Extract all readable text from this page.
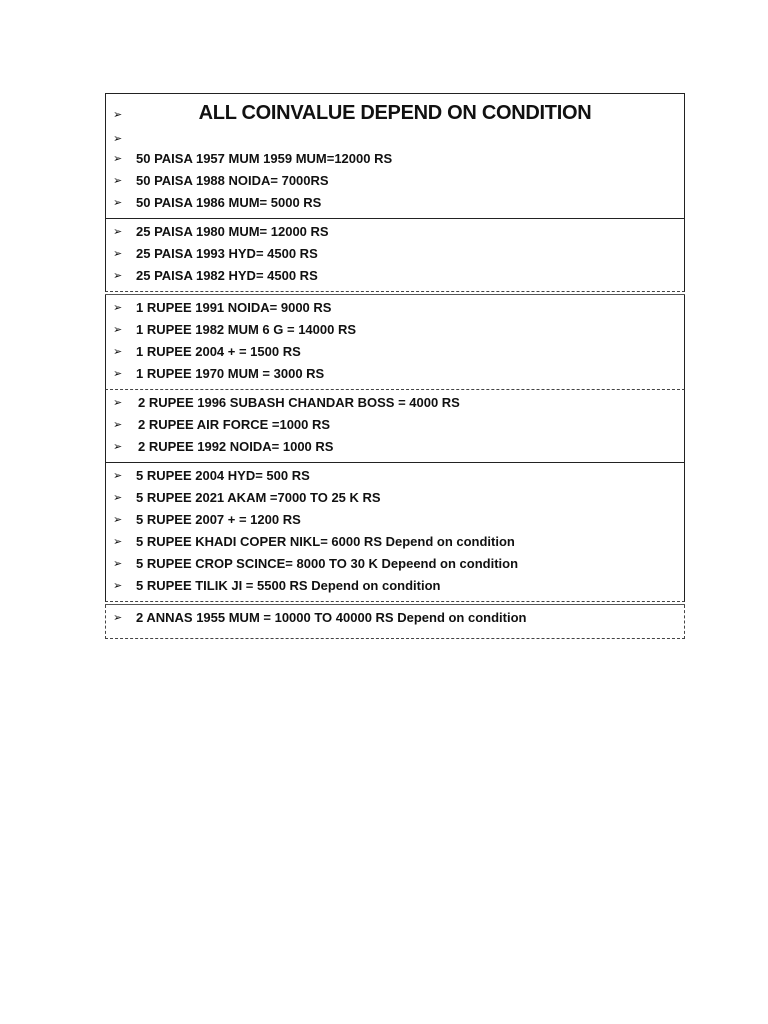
➢	ALL COINVALUE DEPEND ON CONDITION
➢
➢ 50 PAISA 1957 MUM 1959 MUM=12000 RS
➢ 50 PAISA 1988 NOIDA= 7000RS
➢ 50 PAISA 1986 MUM= 5000 RS
➢ 25 PAISA 1980 MUM= 12000 RS
➢ 25 PAISA 1993 HYD= 4500 RS
➢ 25 PAISA 1982 HYD= 4500 RS
➢ 1 RUPEE 1991 NOIDA= 9000 RS
➢ 1 RUPEE 1982 MUM 6 G = 14000 RS
➢ 1 RUPEE 2004 + = 1500 RS
➢ 1 RUPEE 1970 MUM = 3000 RS
➢ 2 RUPEE 1996 SUBASH CHANDAR BOSS = 4000 RS
➢ 2 RUPEE AIR FORCE =1000 RS
➢ 2 RUPEE 1992 NOIDA= 1000 RS
➢ 5 RUPEE 2004 HYD= 500 RS
➢ 5 RUPEE 2021 AKAM =7000 TO 25 K RS
➢ 5 RUPEE 2007 + = 1200 RS
➢ 5 RUPEE KHADI COPER NIKL= 6000 RS Depend on condition
➢ 5 RUPEE CROP SCINCE= 8000 TO 30 K Depeend on condition
➢ 5 RUPEE TILIK JI = 5500 RS Depend on condition
➢ 2 ANNAS 1955 MUM = 10000 TO 40000 RS Depend on condition
